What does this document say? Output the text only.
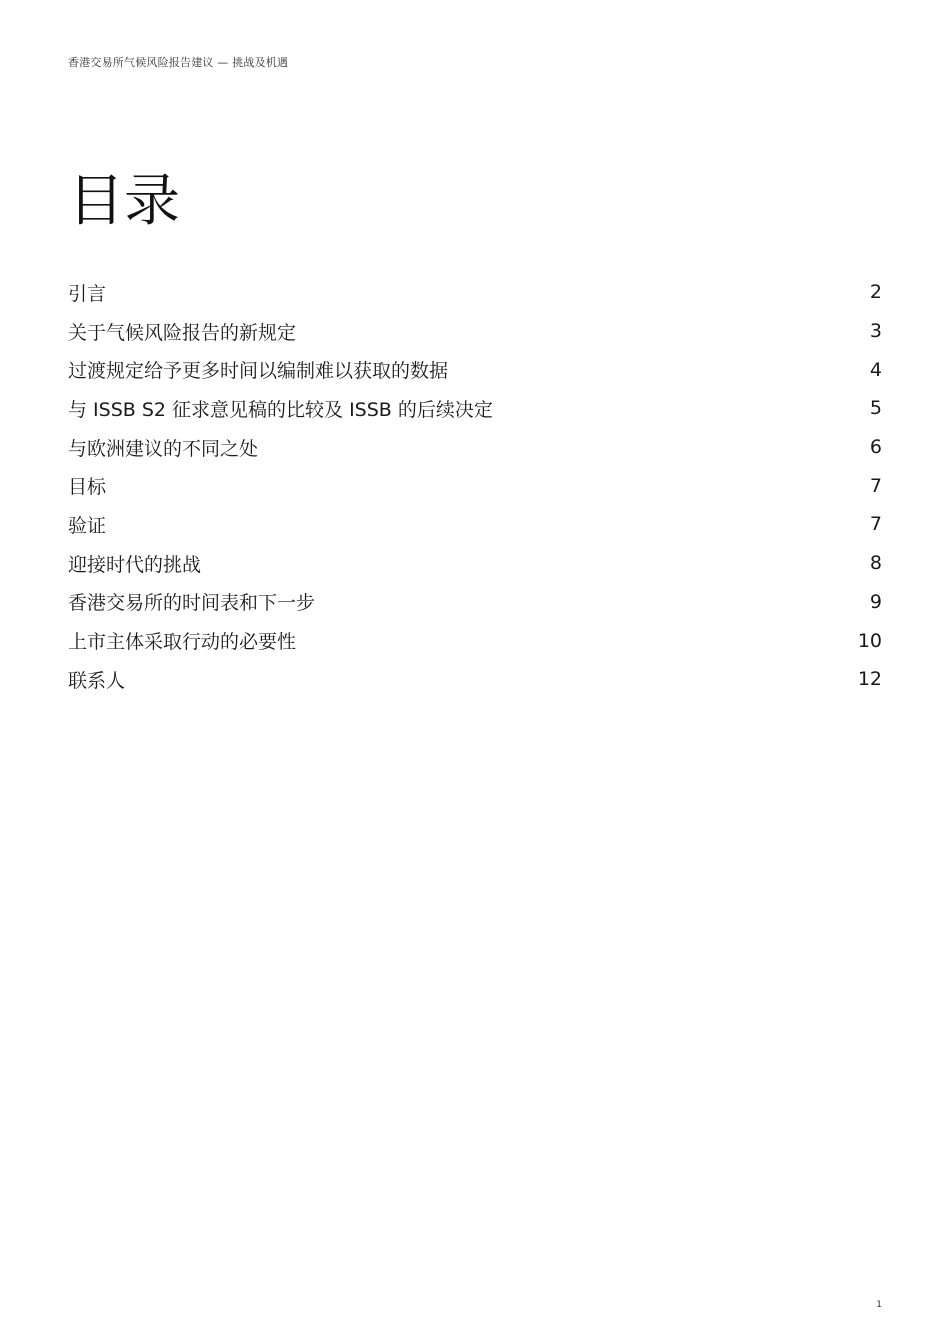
香港交易所气候风险报告建议 — 挑战及机遇
目录
引言	2
关于气候风险报告的新规定	3
过渡规定给予更多时间以编制难以获取的数据	4
与 ISSB S2 征求意见稿的比较及 ISSB 的后续决定	5
与欧洲建议的不同之处	6
目标	7
验证	7
迎接时代的挑战	8
香港交易所的时间表和下一步	9
上市主体采取行动的必要性	10
联系人	12
1
